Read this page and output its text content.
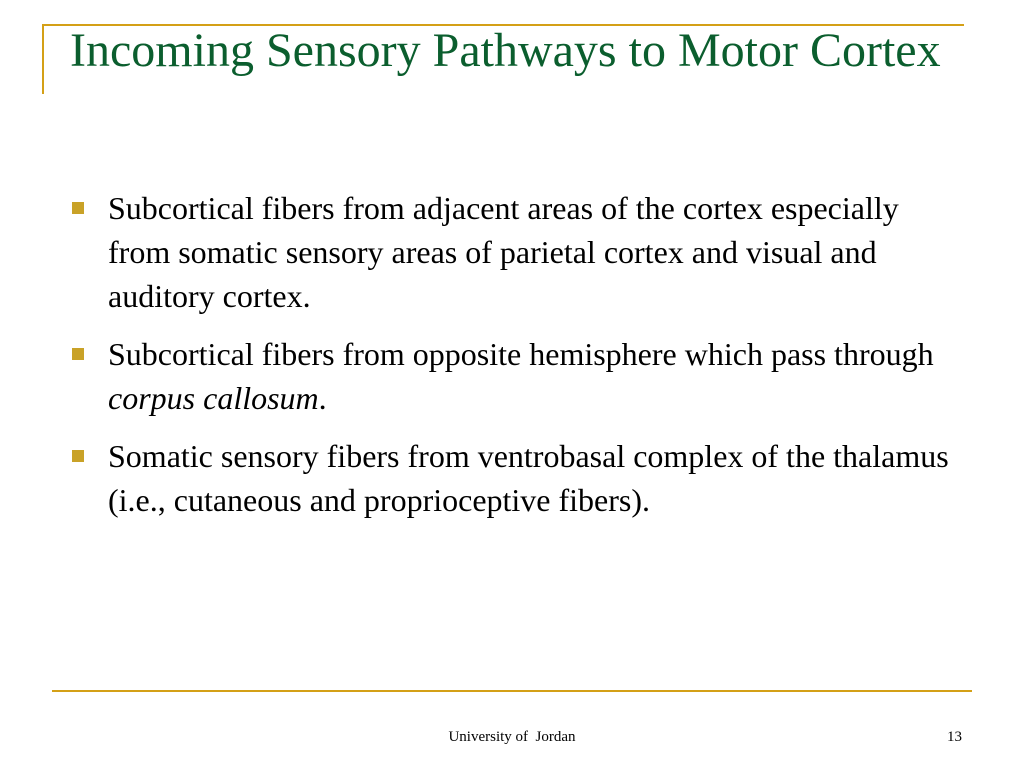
Incoming Sensory Pathways to Motor Cortex
Subcortical fibers from adjacent areas of the cortex especially from somatic sensory areas of parietal cortex and visual and auditory cortex.
Subcortical fibers from opposite hemisphere which pass through corpus callosum.
Somatic sensory fibers from ventrobasal complex of the thalamus (i.e., cutaneous and proprioceptive fibers).
University of  Jordan	13
